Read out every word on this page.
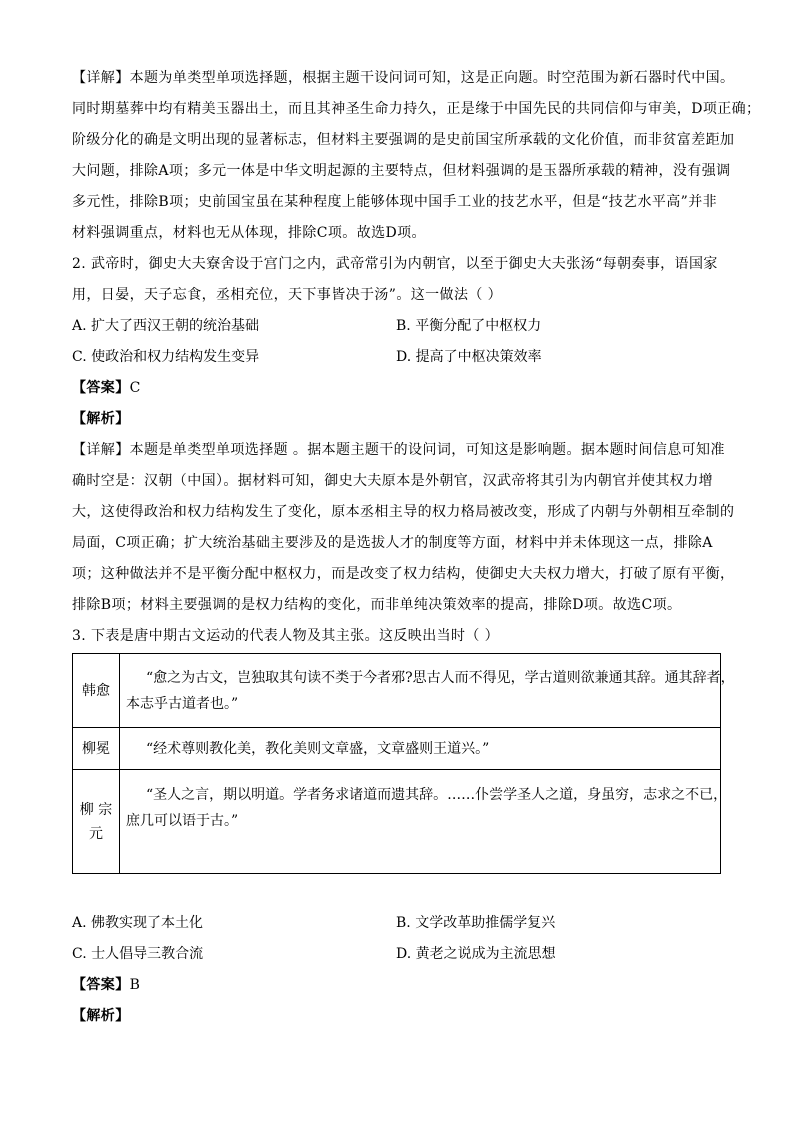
【详解】本题为单类型单项选择题，根据主题干设问词可知，这是正向题。时空范围为新石器时代中国。
同时期墓葬中均有精美玉器出土，而且其神圣生命力持久，正是缘于中国先民的共同信仰与审美，D项正确；
阶级分化的确是文明出现的显著标志，但材料主要强调的是史前国宝所承载的文化价值，而非贫富差距加
大问题，排除A项；多元一体是中华文明起源的主要特点，但材料强调的是玉器所承载的精神，没有强调
多元性，排除B项；史前国宝虽在某种程度上能够体现中国手工业的技艺水平，但是“技艺水平高”并非
材料强调重点，材料也无从体现，排除C项。故选D项。
2. 武帝时，御史大夫寮舍设于宫门之内，武帝常引为内朝官，以至于御史大夫张汤“每朝奏事，语国家
用，日晏，天子忘食，丞相充位，天下事皆决于汤”。这一做法（ ）
A. 扩大了西汉王朝的统治基础	B. 平衡分配了中枢权力
C. 使政治和权力结构发生变异	D. 提高了中枢决策效率
【答案】C
【解析】
【详解】本题是单类型单项选择题 。据本题主题干的设问词，可知这是影响题。据本题时间信息可知准
确时空是：汉朝（中国）。据材料可知，御史大夫原本是外朝官，汉武帝将其引为内朝官并使其权力增
大，这使得政治和权力结构发生了变化，原本丞相主导的权力格局被改变，形成了内朝与外朝相互牵制的
局面，C项正确；扩大统治基础主要涉及的是选拔人才的制度等方面，材料中并未体现这一点，排除A
项；这种做法并不是平衡分配中枢权力，而是改变了权力结构，使御史大夫权力增大，打破了原有平衡，
排除B项；材料主要强调的是权力结构的变化，而非单纯决策效率的提高，排除D项。故选C项。
3. 下表是唐中期古文运动的代表人物及其主张。这反映出当时（ ）
韩愈	“愈之为古文，岂独取其句读不类于今者邪?思古人而不得见，学古道则欲兼通其辞。通其辞者，
本志乎古道者也。”

柳冕	“经术尊则教化美，教化美则文章盛，文章盛则王道兴。”

柳 宗
元	“圣人之言，期以明道。学者务求诸道而遗其辞。……仆尝学圣人之道，身虽穷，志求之不已，
庶几可以语于古。”
A. 佛教实现了本土化	B. 文学改革助推儒学复兴
C. 士人倡导三教合流	D. 黄老之说成为主流思想
【答案】B
【解析】
